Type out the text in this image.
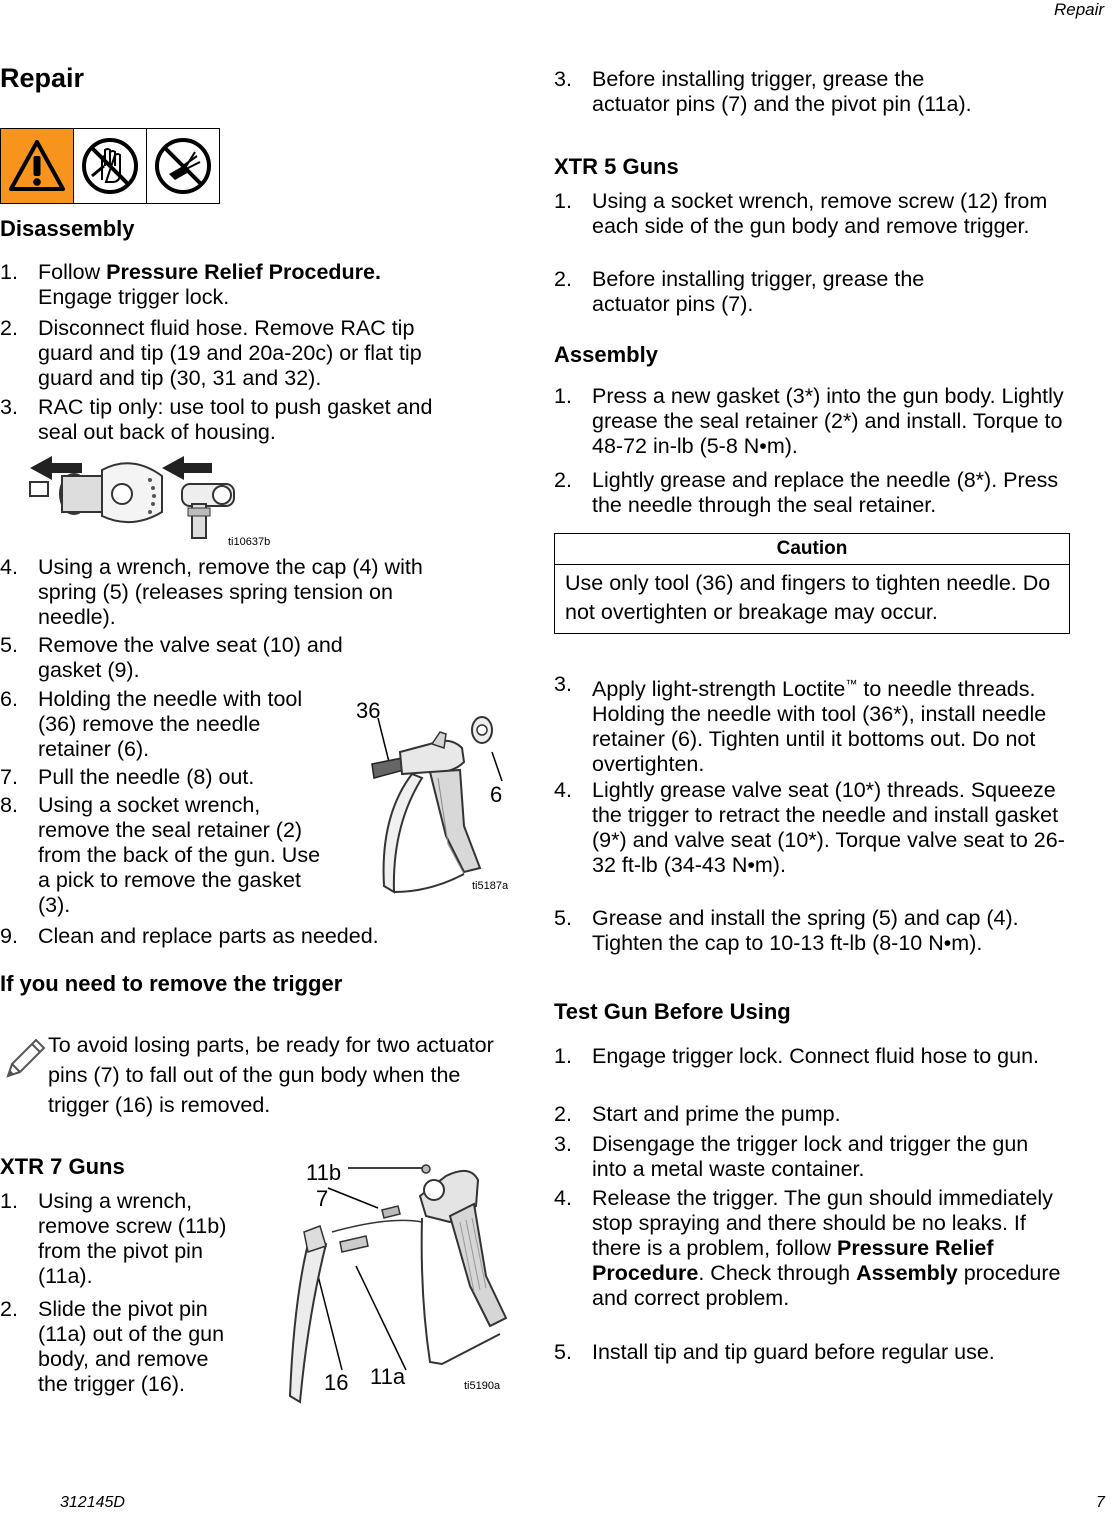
Repair
312145D	7
Repair
Disassembly
1. Follow Pressure Relief Procedure.
Engage trigger lock.
2. Disconnect fluid hose. Remove RAC tip guard and tip (19 and 20a-20c) or flat tip guard and tip (30, 31 and 32).
3. RAC tip only: use tool to push gasket and seal out back of housing.
4. Using a wrench, remove the cap (4) with spring (5) (releases spring tension on needle).
5. Remove the valve seat (10) and gasket (9).
6. Holding the needle with tool (36) remove the needle retainer (6).
7. Pull the needle (8) out.
8. Using a socket wrench, remove the seal retainer (2) from the back of the gun. Use a pick to remove the gasket (3).
9. Clean and replace parts as needed.
ti10637b
36
6
ti5187a
If you need to remove the trigger
To avoid losing parts, be ready for two actuator pins (7) to fall out of the gun body when the trigger (16) is removed.
XTR 7 Guns
1. Using a wrench, remove screw (11b) from the pivot pin (11a).
2. Slide the pivot pin (11a) out of the gun body, and remove the trigger (16).
11b
7
16 11a	ti5190a
3. Before installing trigger, grease the actuator pins (7) and the pivot pin (11a).
XTR 5 Guns
1. Using a socket wrench, remove screw (12) from each side of the gun body and remove trigger.
2. Before installing trigger, grease the actuator pins (7).
Assembly
1. Press a new gasket (3*) into the gun body. Lightly grease the seal retainer (2*) and install. Torque to 48-72 in-lb (5-8 N•m).
2. Lightly grease and replace the needle (8*). Press the needle through the seal retainer.
Caution
Use only tool (36) and fingers to tighten needle. Do not overtighten or breakage may occur.
3. Apply light-strength Loctite™ to needle threads. Holding the needle with tool (36*), install needle retainer (6). Tighten until it bottoms out. Do not overtighten.
4. Lightly grease valve seat (10*) threads. Squeeze the trigger to retract the needle and install gasket (9*) and valve seat (10*). Torque valve seat to 26-32 ft-lb (34-43 N•m).
5. Grease and install the spring (5) and cap (4). Tighten the cap to 10-13 ft-lb (8-10 N•m).
Test Gun Before Using
1. Engage trigger lock. Connect fluid hose to gun.
2. Start and prime the pump.
3. Disengage the trigger lock and trigger the gun into a metal waste container.
4. Release the trigger. The gun should immediately stop spraying and there should be no leaks. If there is a problem, follow Pressure Relief Procedure. Check through Assembly procedure and correct problem.
5. Install tip and tip guard before regular use.
